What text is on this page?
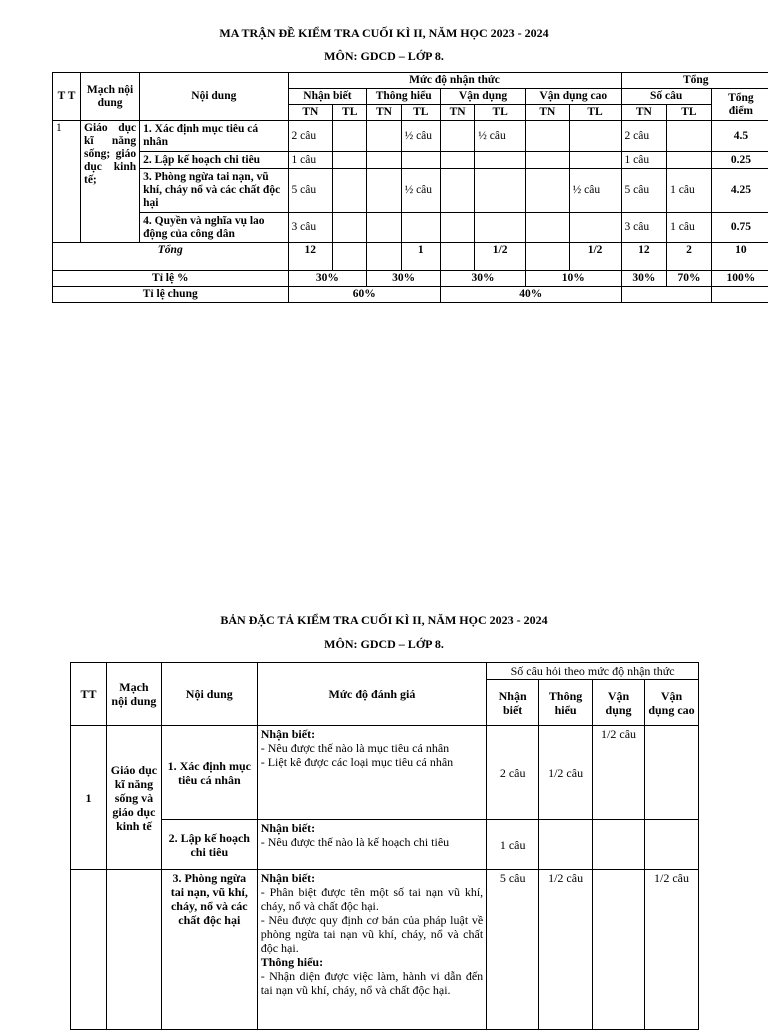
MA TRẬN ĐỀ KIỂM TRA CUỐI KÌ II, NĂM HỌC 2023 - 2024
MÔN: GDCD – LỚP 8.
T T	Mạch nội dung	Nội dung	Mức độ nhận thức								Tổng		
			Nhận biết		Thông hiểu		Vận dụng		Vận dụng cao		Số câu		Tổng điểm
			TN	TL	TN	TL	TN	TL	TN	TL	TN	TL	
1	Giáo dục kĩ năng sống; giáo dục kinh tế;	1. Xác định mục tiêu cá nhân	2 câu			½ câu		½ câu			2 câu		4.5
		2. Lập kế hoạch chi tiêu	1 câu								1 câu		0.25
		3. Phòng ngừa tai nạn, vũ khí, cháy nổ và các chất độc hại	5 câu			½ câu				½ câu	5 câu	1 câu	4.25
		4. Quyền và nghĩa vụ lao động của công dân	3 câu								3 câu	1 câu	0.75
Tổng			12			1		1/2		1/2	12	2	10
Tỉ lệ %			30%		30%		30%		10%		30%	70%	100%
Tỉ lệ chung			60%				40%						
BẢN ĐẶC TẢ KIỂM TRA CUỐI KÌ II, NĂM HỌC 2023 - 2024
MÔN: GDCD – LỚP 8.
TT	Mạch nội dung	Nội dung	Mức độ đánh giá	Số câu hỏi theo mức độ nhận thức			
				Nhận biết	Thông hiểu	Vận dụng	Vận dụng cao
1	Giáo dục kĩ năng sống và giáo dục kinh tế	1. Xác định mục tiêu cá nhân	Nhận biết:
- Nêu được thế nào là mục tiêu cá nhân
- Liệt kê được các loại mục tiêu cá nhân	2 câu	1/2 câu	1/2 câu	
		2. Lập kế hoạch chi tiêu	Nhận biết:
- Nêu được thế nào là kế hoạch chi tiêu	1 câu			
		3. Phòng ngừa tai nạn, vũ khí, cháy, nổ và các chất độc hại	Nhận biết:
- Phân biệt được tên một số tai nạn vũ khí, cháy, nổ và chất độc hại.
- Nêu được quy định cơ bản của pháp luật về phòng ngừa tai nạn vũ khí, cháy, nổ và chất độc hại.
Thông hiểu:
- Nhận diện được việc làm, hành vi dẫn đến tai nạn vũ khí, cháy, nổ và chất độc hại.	5 câu	1/2 câu		1/2 câu
